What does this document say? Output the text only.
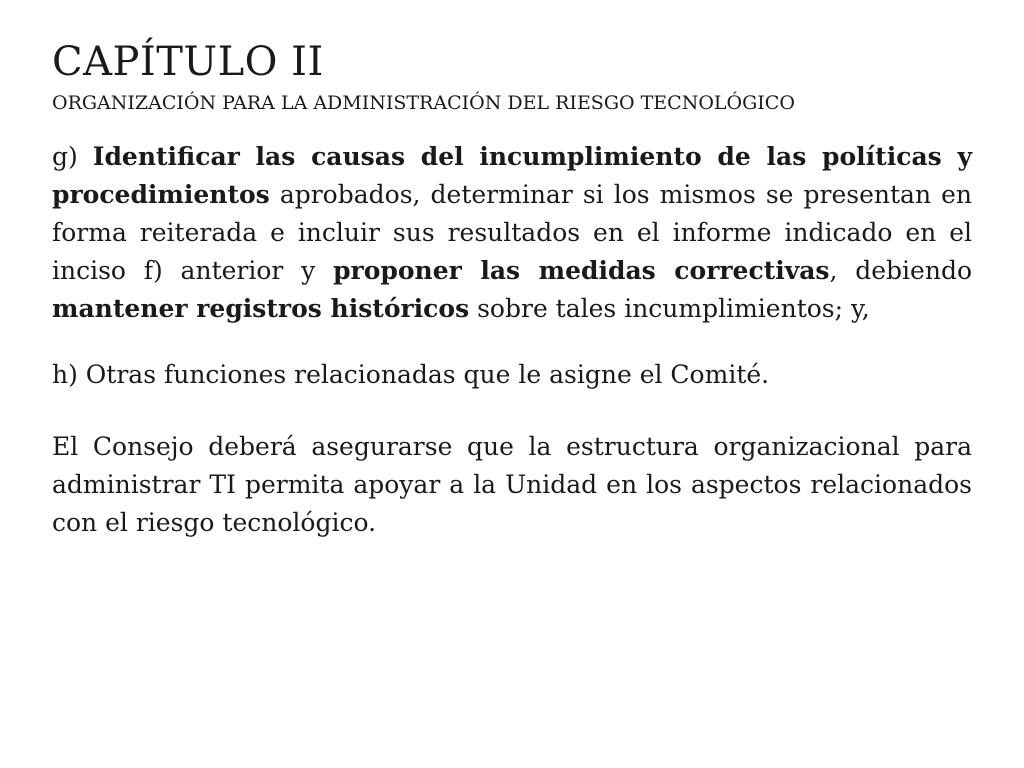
CAPÍTULO II
ORGANIZACIÓN PARA LA ADMINISTRACIÓN DEL RIESGO TECNOLÓGICO

g) Identificar las causas del incumplimiento de las políticas y procedimientos aprobados, determinar si los mismos se presentan en forma reiterada e incluir sus resultados en el informe indicado en el inciso f) anterior y proponer las medidas correctivas, debiendo mantener registros históricos sobre tales incumplimientos; y,

h) Otras funciones relacionadas que le asigne el Comité.

El Consejo deberá asegurarse que la estructura organizacional para administrar TI permita apoyar a la Unidad en los aspectos relacionados con el riesgo tecnológico.
